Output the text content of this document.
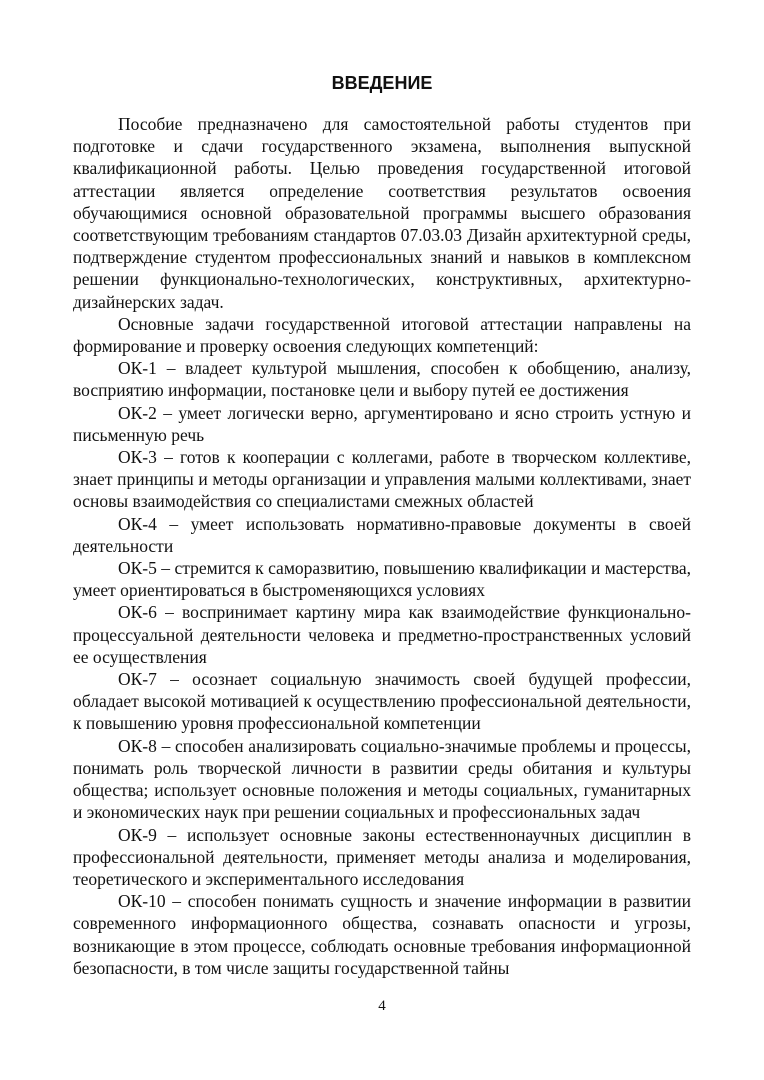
ВВЕДЕНИЕ

Пособие предназначено для самостоятельной работы студентов при подготовке и сдачи государственного экзамена, выполнения выпускной квалификационной работы. Целью проведения государственной итоговой аттестации является определение соответствия результатов освоения обучающимися основной образовательной программы высшего образования соответствующим требованиям стандартов 07.03.03 Дизайн архитектурной среды, подтверждение студентом профессиональных знаний и навыков в комплексном решении функционально-технологических, конструктивных, архитектурно-дизайнерских задач.

Основные задачи государственной итоговой аттестации направлены на формирование и проверку освоения следующих компетенций:

ОК-1 – владеет культурой мышления, способен к обобщению, анализу, восприятию информации, постановке цели и выбору путей ее достижения

ОК-2 – умеет логически верно, аргументировано и ясно строить устную и письменную речь

ОК-3 – готов к кооперации с коллегами, работе в творческом коллективе, знает принципы и методы организации и управления малыми коллективами, знает основы взаимодействия со специалистами смежных областей

ОК-4 – умеет использовать нормативно-правовые документы в своей деятельности

ОК-5 – стремится к саморазвитию, повышению квалификации и мастерства, умеет ориентироваться в быстроменяющихся условиях

ОК-6 – воспринимает картину мира как взаимодействие функционально-процессуальной деятельности человека и предметно-пространственных условий ее осуществления

ОК-7 – осознает социальную значимость своей будущей профессии, обладает высокой мотивацией к осуществлению профессиональной деятельности, к повышению уровня профессиональной компетенции

ОК-8 – способен анализировать социально-значимые проблемы и процессы, понимать роль творческой личности в развитии среды обитания и культуры общества; использует основные положения и методы социальных, гуманитарных и экономических наук при решении социальных и профессиональных задач

ОК-9 – использует основные законы естественнонаучных дисциплин в профессиональной деятельности, применяет методы анализа и моделирования, теоретического и экспериментального исследования

ОК-10 – способен понимать сущность и значение информации в развитии современного информационного общества, сознавать опасности и угрозы, возникающие в этом процессе, соблюдать основные требования информационной безопасности, в том числе защиты государственной тайны

4
